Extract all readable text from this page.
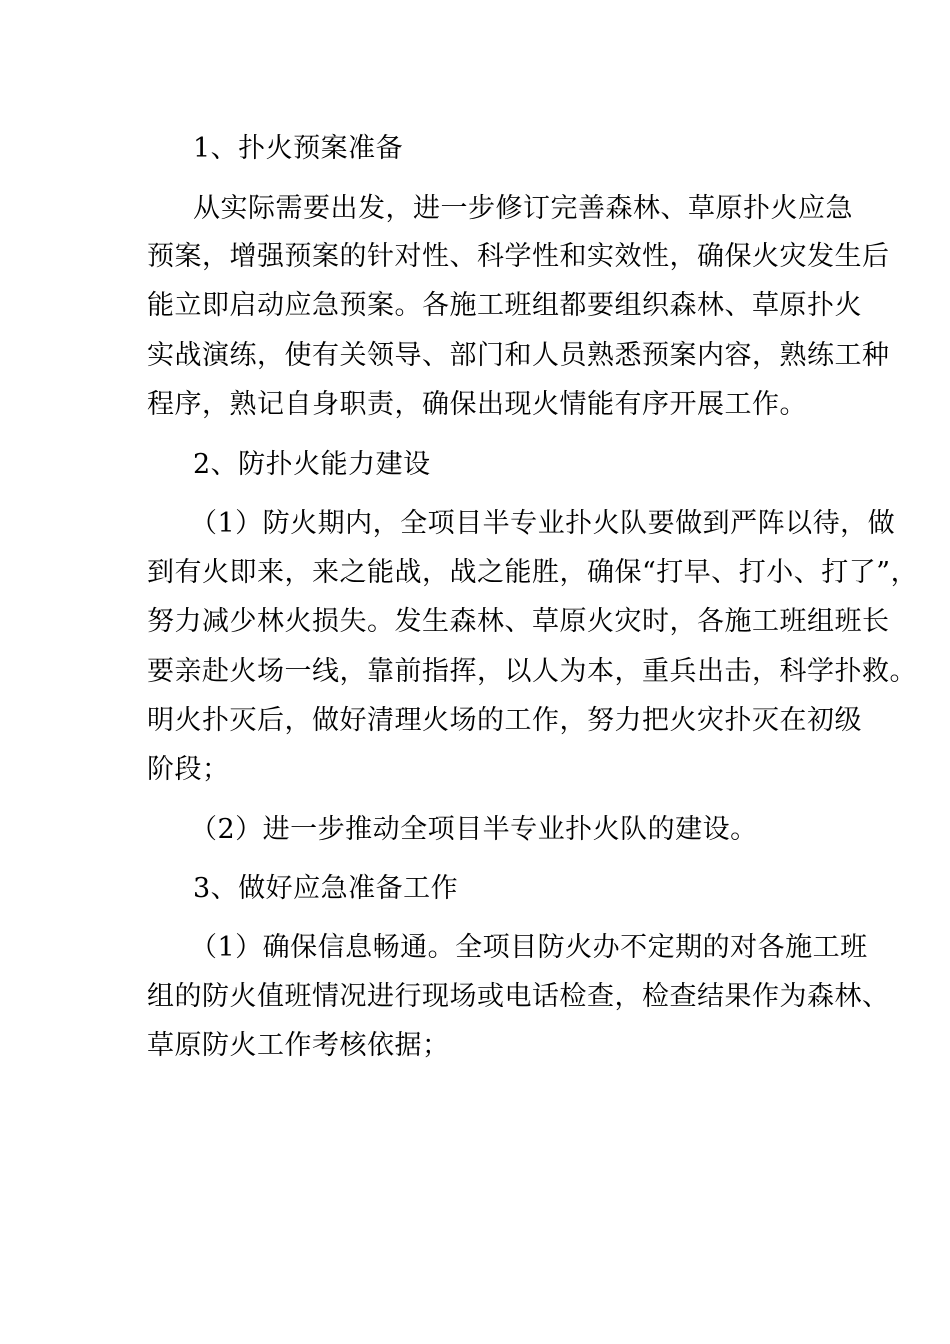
1、扑火预案准备
从实际需要出发，进一步修订完善森林、草原扑火应急
预案，增强预案的针对性、科学性和实效性，确保火灾发生后
能立即启动应急预案。各施工班组都要组织森林、草原扑火
实战演练，使有关领导、部门和人员熟悉预案内容，熟练工种
程序，熟记自身职责，确保出现火情能有序开展工作。
2、防扑火能力建设
（1）防火期内，全项目半专业扑火队要做到严阵以待，做
到有火即来，来之能战，战之能胜，确保“打早、打小、打了”，
努力减少林火损失。发生森林、草原火灾时，各施工班组班长
要亲赴火场一线，靠前指挥，以人为本，重兵出击，科学扑救。
明火扑灭后，做好清理火场的工作，努力把火灾扑灭在初级
阶段；
（2）进一步推动全项目半专业扑火队的建设。
3、做好应急准备工作
（1）确保信息畅通。全项目防火办不定期的对各施工班
组的防火值班情况进行现场或电话检查，检查结果作为森林、
草原防火工作考核依据；
